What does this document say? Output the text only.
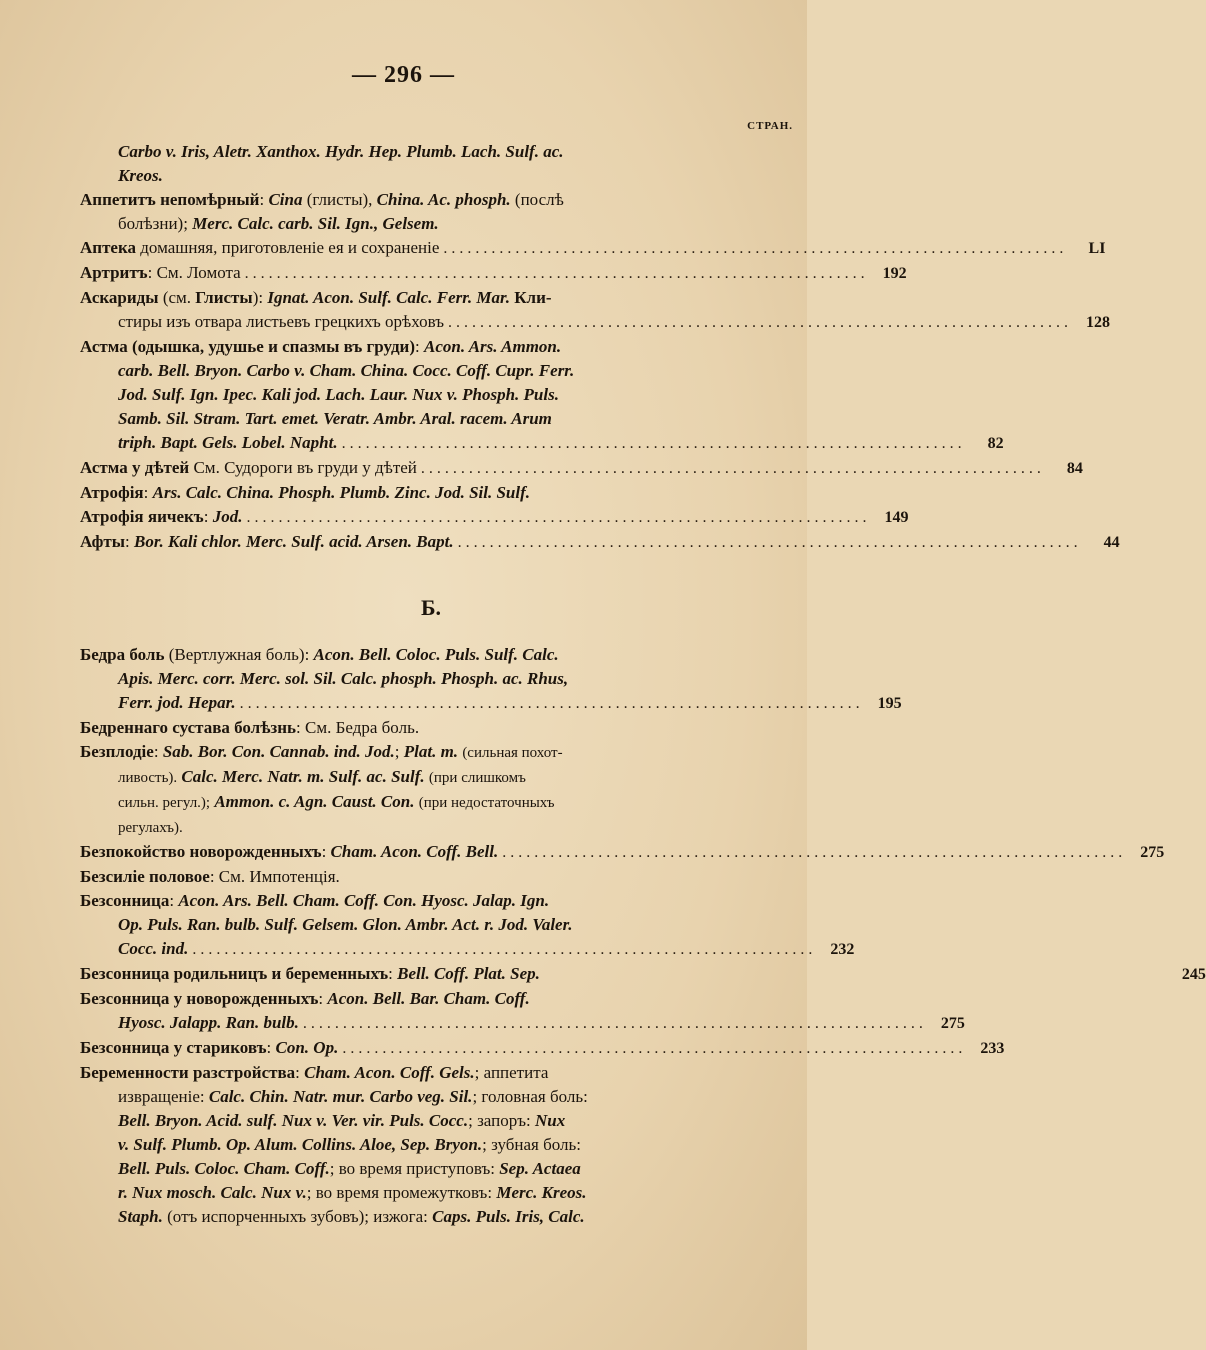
— 296 —
СТРАН.
Carbo v. Iris, Aletr. Xanthox. Hydr. Hep. Plumb. Lach. Sulf. ac.
Kreos.
Аппетитъ непомѣрный: Cina (глисты), China. Ac. phosph. (послѣ
болѣзни); Merc. Calc. carb. Sil. Ign., Gelsem.
Аптека домашняя, приготовленіе ея и сохраненіе . . .	LI
Артритъ: См. Ломота . . .	192
Аскариды (см. Глисты): Ignat. Acon. Sulf. Calc. Ferr. Mar. Кли-
стиры изъ отвара листьевъ грецкихъ орѣховъ . . .	128
Астма (одышка, удушье и спазмы въ груди): Acon. Ars. Ammon.
carb. Bell. Bryon. Carbo v. Cham. China. Cocc. Coff. Cupr. Ferr.
Jod. Sulf. Ign. Ipec. Kali jod. Lach. Laur. Nux v. Phosph. Puls.
Samb. Sil. Stram. Tart. emet. Veratr. Ambr. Aral. racem. Arum
triph. Bapt. Gels. Lobel. Napht. . . .	82
Астма у дѣтей См. Судороги въ груди у дѣтей . . .	84
Атрофія: Ars. Calc. China. Phosph. Plumb. Zinc. Jod. Sil. Sulf.
Атрофія яичекъ: Jod. . . .	149
Афты: Bor. Kali chlor. Merc. Sulf. acid. Arsen. Bapt. . . .	44
Б.
Бедра боль (Вертлужная боль): Acon. Bell. Coloc. Puls. Sulf. Calc.
Apis. Merc. corr. Merc. sol. Sil. Calc. phosph. Phosph. ac. Rhus,
Ferr. jod. Hepar. . . .	195
Бедреннаго сустава болѣзнь: См. Бедра боль.
Безплодіе: Sab. Bor. Con. Cannab. ind. Jod.; Plat. m. (сильная похот-
ливость). Calc. Merc. Natr. m. Sulf. ac. Sulf. (при слишкомъ
сильн. регул.); Ammon. c. Agn. Caust. Con. (при недостаточныхъ
регулахъ).
Безпокойство новорожденныхъ: Cham. Acon. Coff. Bell. . . .	275
Безсиліе половое: См. Импотенція.
Безсонница: Acon. Ars. Bell. Cham. Coff. Con. Hyosc. Jalap. Ign.
Op. Puls. Ran. bulb. Sulf. Gelsem. Glon. Ambr. Act. r. Jod. Valer.
Cocc. ind. . . .	232
Безсонница родильницъ и беременныхъ: Bell. Coff. Plat. Sep.	245
Безсонница у новорожденныхъ: Acon. Bell. Bar. Cham. Coff.
Hyosc. Jalapp. Ran. bulb. . . .	275
Безсонница у стариковъ: Con. Op. . . .	233
Беременности разстройства: Cham. Acon. Coff. Gels.; аппетита
извращеніе: Calc. Chin. Natr. mur. Carbo veg. Sil.; головная боль:
Bell. Bryon. Acid. sulf. Nux v. Ver. vir. Puls. Cocc.; запоръ: Nux
v. Sulf. Plumb. Op. Alum. Collins. Aloe, Sep. Bryon.; зубная боль:
Bell. Puls. Coloc. Cham. Coff.; во время приступовъ: Sep. Actaea
r. Nux mosch. Calc. Nux v.; во время промежутковъ: Merc. Kreos.
Staph. (отъ испорченныхъ зубовъ); изжога: Caps. Puls. Iris, Calc.
